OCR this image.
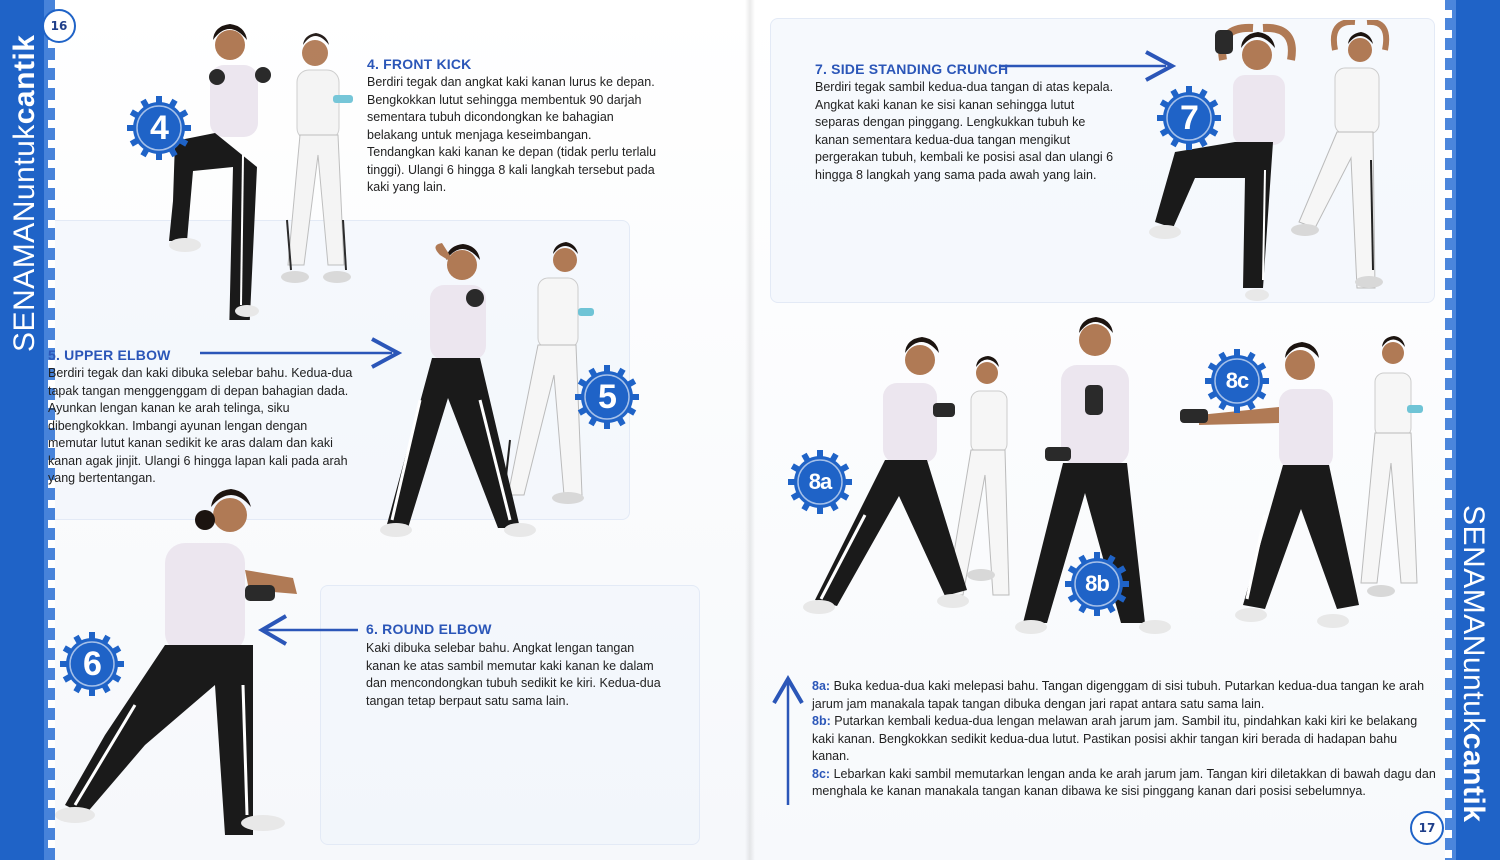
SENAMANuntukcantik
SENAMANuntukcantik
16
17
4
5
6
7
8a
8b
8c
4. FRONT KICK
Berdiri tegak dan angkat kaki kanan lurus ke depan. Bengkokkan lutut sehingga membentuk 90 darjah sementara tubuh dicondongkan ke bahagian belakang untuk menjaga keseimbangan. Tendangkan kaki kanan ke depan (tidak perlu terlalu tinggi). Ulangi 6 hingga 8 kali langkah tersebut pada kaki yang lain.
5. UPPER ELBOW
Berdiri tegak dan kaki dibuka selebar bahu. Kedua-dua tapak tangan menggenggam di depan bahagian dada. Ayunkan lengan kanan ke arah telinga, siku dibengkokkan. Imbangi ayunan lengan dengan memutar lutut kanan sedikit ke aras dalam dan kaki kanan agak jinjit. Ulangi 6 hingga lapan kali pada arah yang bertentangan.
6. ROUND ELBOW
Kaki dibuka selebar bahu. Angkat lengan tangan kanan ke atas sambil memutar kaki kanan ke dalam dan mencondongkan tubuh sedikit ke kiri. Kedua-dua tangan tetap berpaut satu sama lain.
7. SIDE STANDING CRUNCH
Berdiri tegak sambil kedua-dua tangan di atas kepala. Angkat kaki kanan ke sisi kanan sehingga lutut separas dengan pinggang. Lengkukkan tubuh ke kanan sementara kedua-dua tangan mengikut pergerakan tubuh, kembali ke posisi asal dan ulangi 6 hingga 8 langkah yang sama pada awah yang lain.

8a: Buka kedua-dua kaki melepasi bahu. Tangan digenggam di sisi tubuh. Putarkan kedua-dua tangan ke arah jarum jam manakala tapak tangan dibuka dengan jari rapat antara satu sama lain.

8b: Putarkan kembali kedua-dua lengan melawan arah jarum jam. Sambil itu, pindahkan kaki kiri ke belakang kaki kanan. Bengkokkan sedikit kedua-dua lutut. Pastikan posisi akhir tangan kiri berada di hadapan bahu kanan.

8c: Lebarkan kaki sambil memutarkan lengan anda ke arah jarum jam. Tangan kiri diletakkan di bawah dagu dan menghala ke kanan manakala tangan kanan dibawa ke sisi pinggang kanan dari posisi sebelumnya.
